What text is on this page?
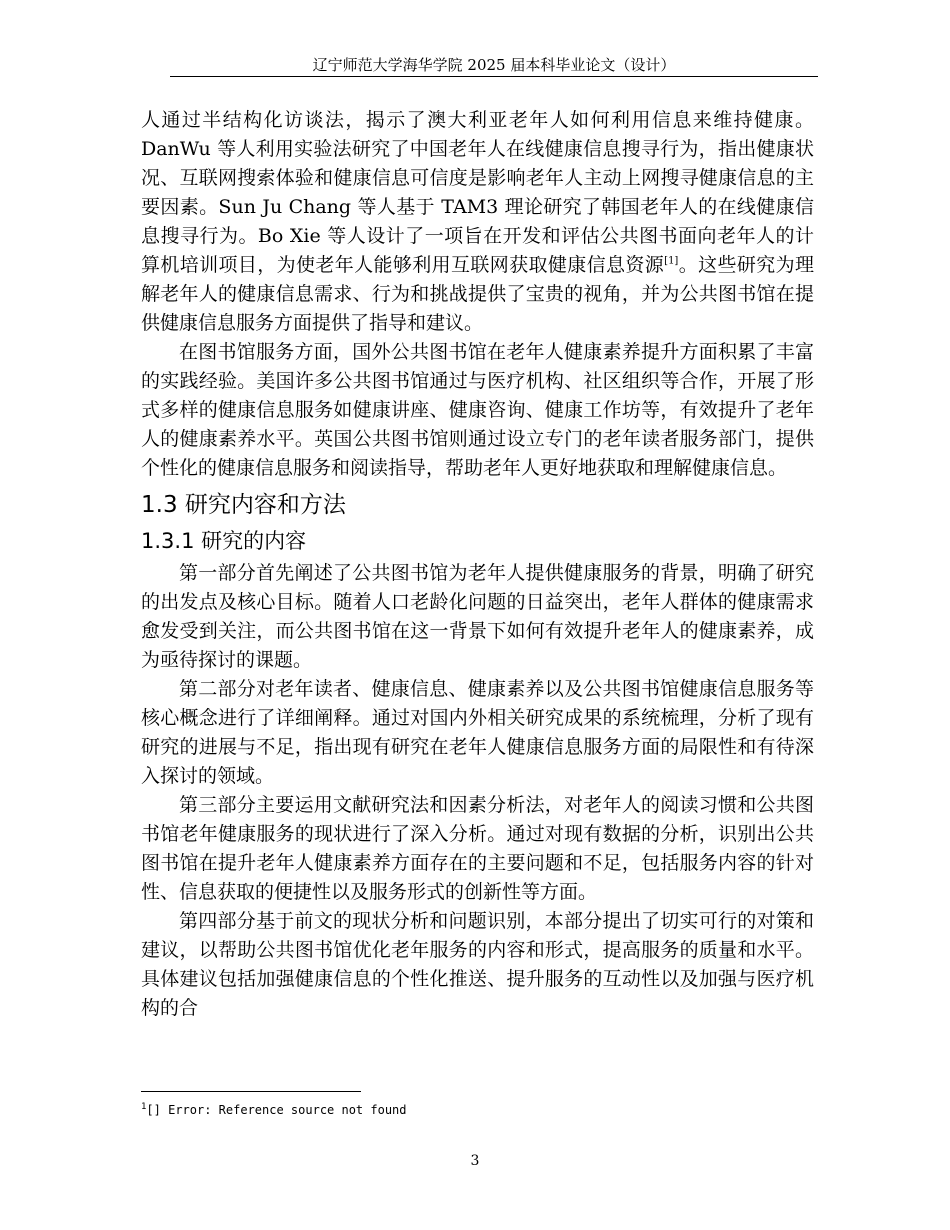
辽宁师范大学海华学院 2025 届本科毕业论文（设计）

人通过半结构化访谈法，揭示了澳大利亚老年人如何利用信息来维持健康。DanWu 等人利用实验法研究了中国老年人在线健康信息搜寻行为，指出健康状况、互联网搜索体验和健康信息可信度是影响老年人主动上网搜寻健康信息的主要因素。Sun Ju Chang 等人基于 TAM3 理论研究了韩国老年人的在线健康信息搜寻行为。Bo Xie 等人设计了一项旨在开发和评估公共图书面向老年人的计算机培训项目，为使老年人能够利用互联网获取健康信息资源[1]。这些研究为理解老年人的健康信息需求、行为和挑战提供了宝贵的视角，并为公共图书馆在提供健康信息服务方面提供了指导和建议。

在图书馆服务方面，国外公共图书馆在老年人健康素养提升方面积累了丰富的实践经验。美国许多公共图书馆通过与医疗机构、社区组织等合作，开展了形式多样的健康信息服务如健康讲座、健康咨询、健康工作坊等，有效提升了老年人的健康素养水平。英国公共图书馆则通过设立专门的老年读者服务部门，提供个性化的健康信息服务和阅读指导，帮助老年人更好地获取和理解健康信息。

1.3 研究内容和方法
1.3.1 研究的内容

第一部分首先阐述了公共图书馆为老年人提供健康服务的背景，明确了研究的出发点及核心目标。随着人口老龄化问题的日益突出，老年人群体的健康需求愈发受到关注，而公共图书馆在这一背景下如何有效提升老年人的健康素养，成为亟待探讨的课题。

第二部分对老年读者、健康信息、健康素养以及公共图书馆健康信息服务等核心概念进行了详细阐释。通过对国内外相关研究成果的系统梳理，分析了现有研究的进展与不足，指出现有研究在老年人健康信息服务方面的局限性和有待深入探讨的领域。

第三部分主要运用文献研究法和因素分析法，对老年人的阅读习惯和公共图书馆老年健康服务的现状进行了深入分析。通过对现有数据的分析，识别出公共图书馆在提升老年人健康素养方面存在的主要问题和不足，包括服务内容的针对性、信息获取的便捷性以及服务形式的创新性等方面。

第四部分基于前文的现状分析和问题识别，本部分提出了切实可行的对策和建议，以帮助公共图书馆优化老年服务的内容和形式，提高服务的质量和水平。具体建议包括加强健康信息的个性化推送、提升服务的互动性以及加强与医疗机构的合

$^1$[] Error: Reference source not found
3
